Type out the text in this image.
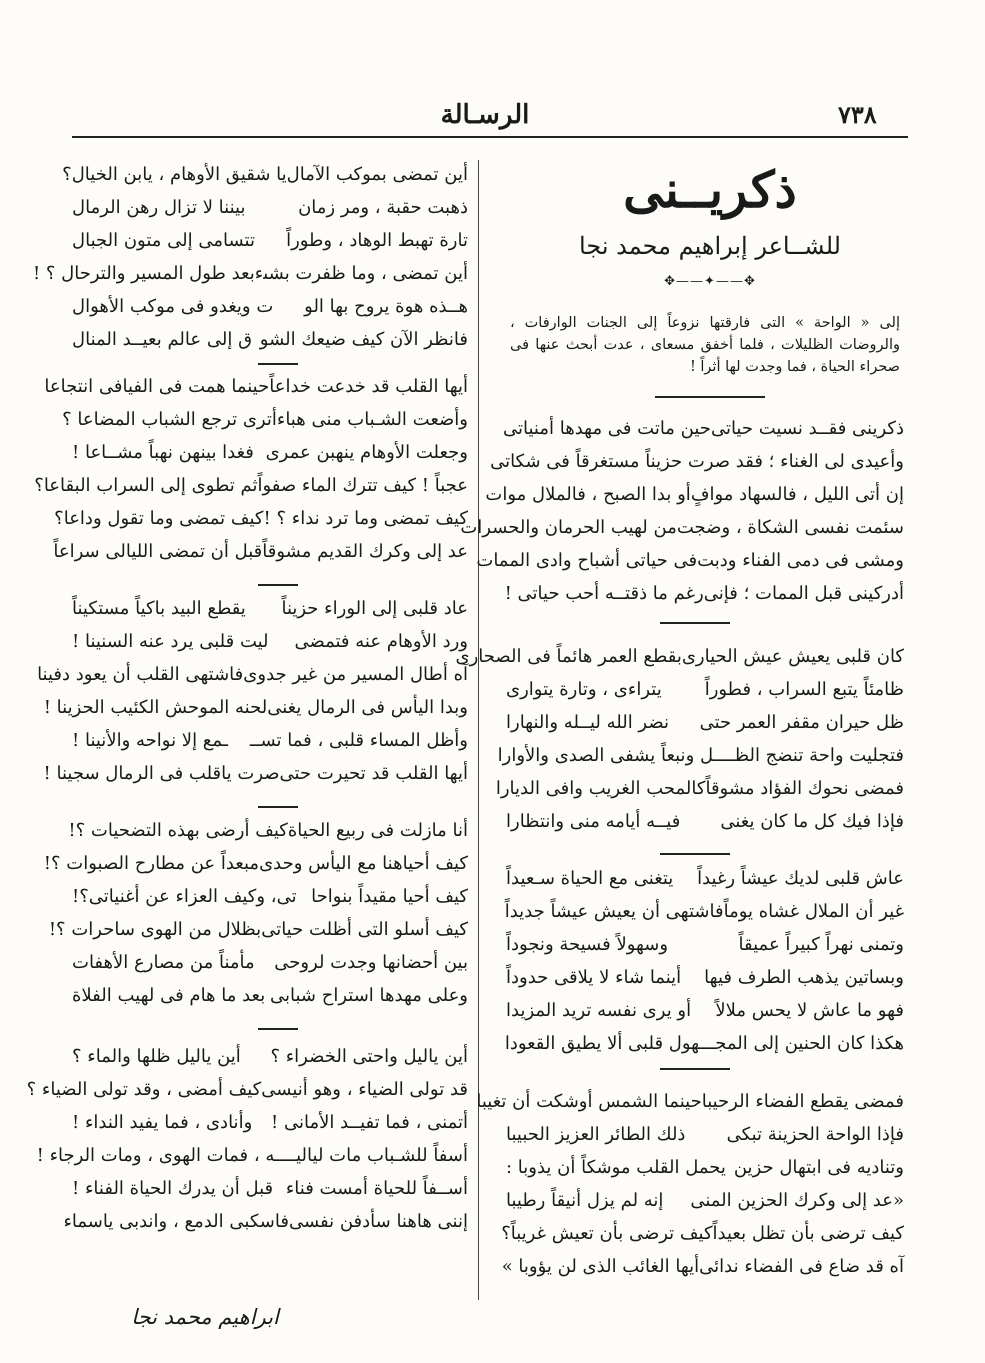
٧٣٨
الرسـالة
ذكريــنى
للشــاعر إبراهيم محمد نجا
✥——✦——✥
إلى « الواحة » التى فارقتها نزوعاً إلى الجنات الوارفات ، والروضات الظليلات ، فلما أخفق مسعاى ، عدت أبحث عنها فى صحراء الحياة ، فما وجدت لها أثراً !
ذكرينى فقــد نسيت حياتى
حين ماتت فى مهدها أمنياتى
وأعيدى لى الغناء ؛ فقد صر
ت حزيناً مستغرقاً فى شكاتى
إن أتى الليل ، فالسهاد موافٍ
أو بدا الصبح ، فالملال موات
سئمت نفسى الشكاة ، وضجت
من لهيب الحرمان والحسرات
ومشى فى دمى الفناء ودبت
فى حياتى أشباح وادى الممات
أدركينى قبل الممات ؛ فإنى
رغم ما ذقتــه أحب حياتى !
كان قلبى يعيش عيش الحيارى
بقطع العمر هائماً فى الصحارى
ظامئاً يتبع السراب ، فطوراً
يتراءى ، وتارة يتوارى
ظل حيران مقفر العمر حتى
نضر الله ليــله والنهارا
فتجليت واحة تنضج الظـــ
ـل ونبعاً يشفى الصدى والأوارا
فمضى نحوك الفؤاد مشوقاً
كالمحب الغريب وافى الديارا
فإذا فيك كل ما كان يغنى
فيــه أيامه منى وانتظارا
عاش قلبى لديك عيشاً رغيداً
يتغنى مع الحياة سـعيداً
غير أن الملال غشاه يوماً
فاشتهى أن يعيش عيشاً جديداً
وتمنى نهراً كبيراً عميقاً
وسهولاً فسيحة ونجوداً
وبساتين يذهب الطرف فيها
أينما شاء لا يلاقى حدوداً
فهو ما عاش لا يحس ملالاً
أو يرى نفسه تريد المزيدا
هكذا كان الحنين إلى المجــ
ـهول قلبى ألا يطيق القعودا
فمضى يقطع الفضاء الرحيبا
حينما الشمس أوشكت أن تغيبا
فإذا الواحة الحزينة تبكى
ذلك الطائر العزيز الحبيبا
وتناديه فى ابتهال حزين
يحمل القلب موشكاً أن يذوبا :
«عد إلى وكرك الحزين المنى
إنه لم يزل أنيقاً رطيبا
كيف ترضى بأن تظل بعيداً
كيف ترضى بأن تعيش غريباً؟
آه قد ضاع فى الفضاء ندائى
أيها الغائب الذى لن يؤوبا »
أين تمضى بموكب الآمال
يا شقيق الأوهام ، يابن الخيال؟
ذهبت حقبة ، ومر زمان
بيننا لا تزال رهن الرمال
تارة تهبط الوهاد ، وطوراً
تتسامى إلى متون الجبال
أين تمضى ، وما ظفرت بشى‍ء
بعد طول المسير والترحال ؟ !
هــذه هوة يروح بها الو
ت ويغدو فى موكب الأهوال
فانظر الآن كيف ضيعك الشو
ق إلى عالم بعيــد المنال
أيها القلب قد خدعت خداعاً
حينما همت فى الفيافى انتجاعا
وأضعت الشـباب منى هباء
أترى ترجع الشباب المضاعا ؟
وجعلت الأوهام ينهبن عمرى
فغدا بينهن نهباً مشــاعا !
عجباً ! كيف تترك الماء صفواً
ثم تطوى إلى السراب البقاعا؟
كيف تمضى وما ترد نداء ؟ !
كيف تمضى وما تقول وداعا؟
عد إلى وكرك القديم مشوقاً
قبل أن تمضى الليالى سراعاً
عاد قلبى إلى الوراء حزيناً
يقطع البيد باكياً مستكيناً
ورد الأوهام عنه فتمضى
ليت قلبى يرد عنه السنينا !
آه أطال المسير من غير جدوى
فاشتهى القلب أن يعود دفينا
وبدا اليأس فى الرمال يغنى
لحنه الموحش الكئيب الحزينا !
وأظل المساء قلبى ، فما تســ
ـمع إلا نواحه والأنينا !
أيها القلب قد تحيرت حتى
صرت ياقلب فى الرمال سجينا !
أنا مازلت فى ربيع الحياة
كيف أرضى بهذه التضحيات ؟!
كيف أحياهنا مع اليأس وحدى
مبعداً عن مطارح الصبوات ؟!
كيف أحيا مقيداً بنواحا
تى، وكيف العزاء عن أغنياتى؟!
كيف أسلو التى أظلت حياتى
بظلال من الهوى ساحرات ؟!
بين أحضانها وجدت لروحى
مأمناً من مصارع الأهفات
وعلى مهدها استراح شبابى
بعد ما هام فى لهيب الفلاة
أين ياليل واحتى الخضراء ؟
أين ياليل ظلها والماء ؟
قد تولى الضياء ، وهو أنيسى
كيف أمضى ، وقد تولى الضياء ؟
أتمنى ، فما تفيــد الأمانى !
وأنادى ، فما يفيد النداء !
أسفاً للشـباب مات لياليــ
ــه ، فمات الهوى ، ومات الرجاء !
أســفاً للحياة أمست فناء
قبل أن يدرك الحياة الفناء !
إننى هاهنا سأدفن نفسى
فاسكبى الدمع ، واندبى ياسماء
ابراهيم محمد نجا
